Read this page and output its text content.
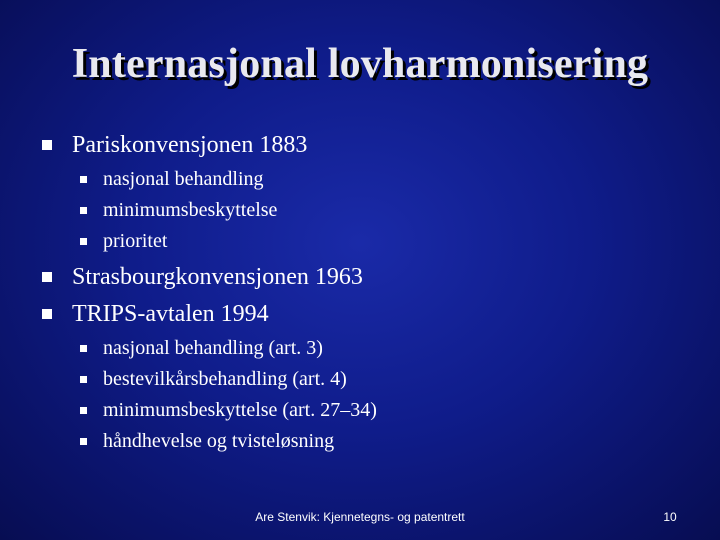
Internasjonal lovharmonisering
Pariskonvensjonen 1883
nasjonal behandling
minimumsbeskyttelse
prioritet
Strasbourgkonvensjonen 1963
TRIPS-avtalen 1994
nasjonal behandling (art. 3)
bestevilkårsbehandling (art. 4)
minimumsbeskyttelse (art. 27–34)
håndhevelse og tvisteløsning
Are Stenvik: Kjennetegns- og patentrett	10
